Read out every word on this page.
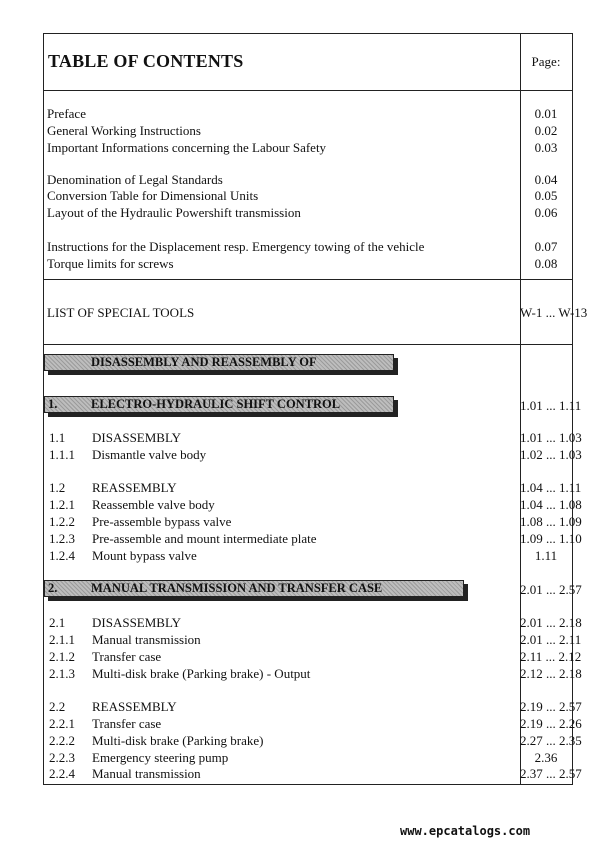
TABLE OF CONTENTS	Page:
Preface	0.01
General Working Instructions	0.02
Important Informations concerning the Labour Safety	0.03
Denomination of Legal Standards	0.04
Conversion Table for Dimensional Units	0.05
Layout of the Hydraulic Powershift transmission	0.06
Instructions for the Displacement resp. Emergency towing of the vehicle	0.07
Torque limits for screws	0.08
LIST OF SPECIAL TOOLS	W-1 ... W-13
DISASSEMBLY AND REASSEMBLY OF
1.	ELECTRO-HYDRAULIC SHIFT CONTROL	1.01 ... 1.11
1.1 DISASSEMBLY	1.01 ... 1.03
1.1.1 Dismantle valve body	1.02 ... 1.03
1.2 REASSEMBLY	1.04 ... 1.11
1.2.1 Reassemble valve body	1.04 ... 1.08
1.2.2 Pre-assemble bypass valve	1.08 ... 1.09
1.2.3 Pre-assemble and mount intermediate plate	1.09 ... 1.10
1.2.4 Mount bypass valve	1.11
2.	MANUAL TRANSMISSION AND TRANSFER CASE	2.01 ... 2.57
2.1 DISASSEMBLY	2.01 ... 2.18
2.1.1 Manual transmission	2.01 ... 2.11
2.1.2 Transfer case	2.11 ... 2.12
2.1.3 Multi-disk brake (Parking brake) - Output	2.12 ... 2.18
2.2 REASSEMBLY	2.19 ... 2.57
2.2.1 Transfer case	2.19 ... 2.26
2.2.2 Multi-disk brake (Parking brake)	2.27 ... 2.35
2.2.3 Emergency steering pump	2.36
2.2.4 Manual transmission	2.37 ... 2.57
www.epcatalogs.com
